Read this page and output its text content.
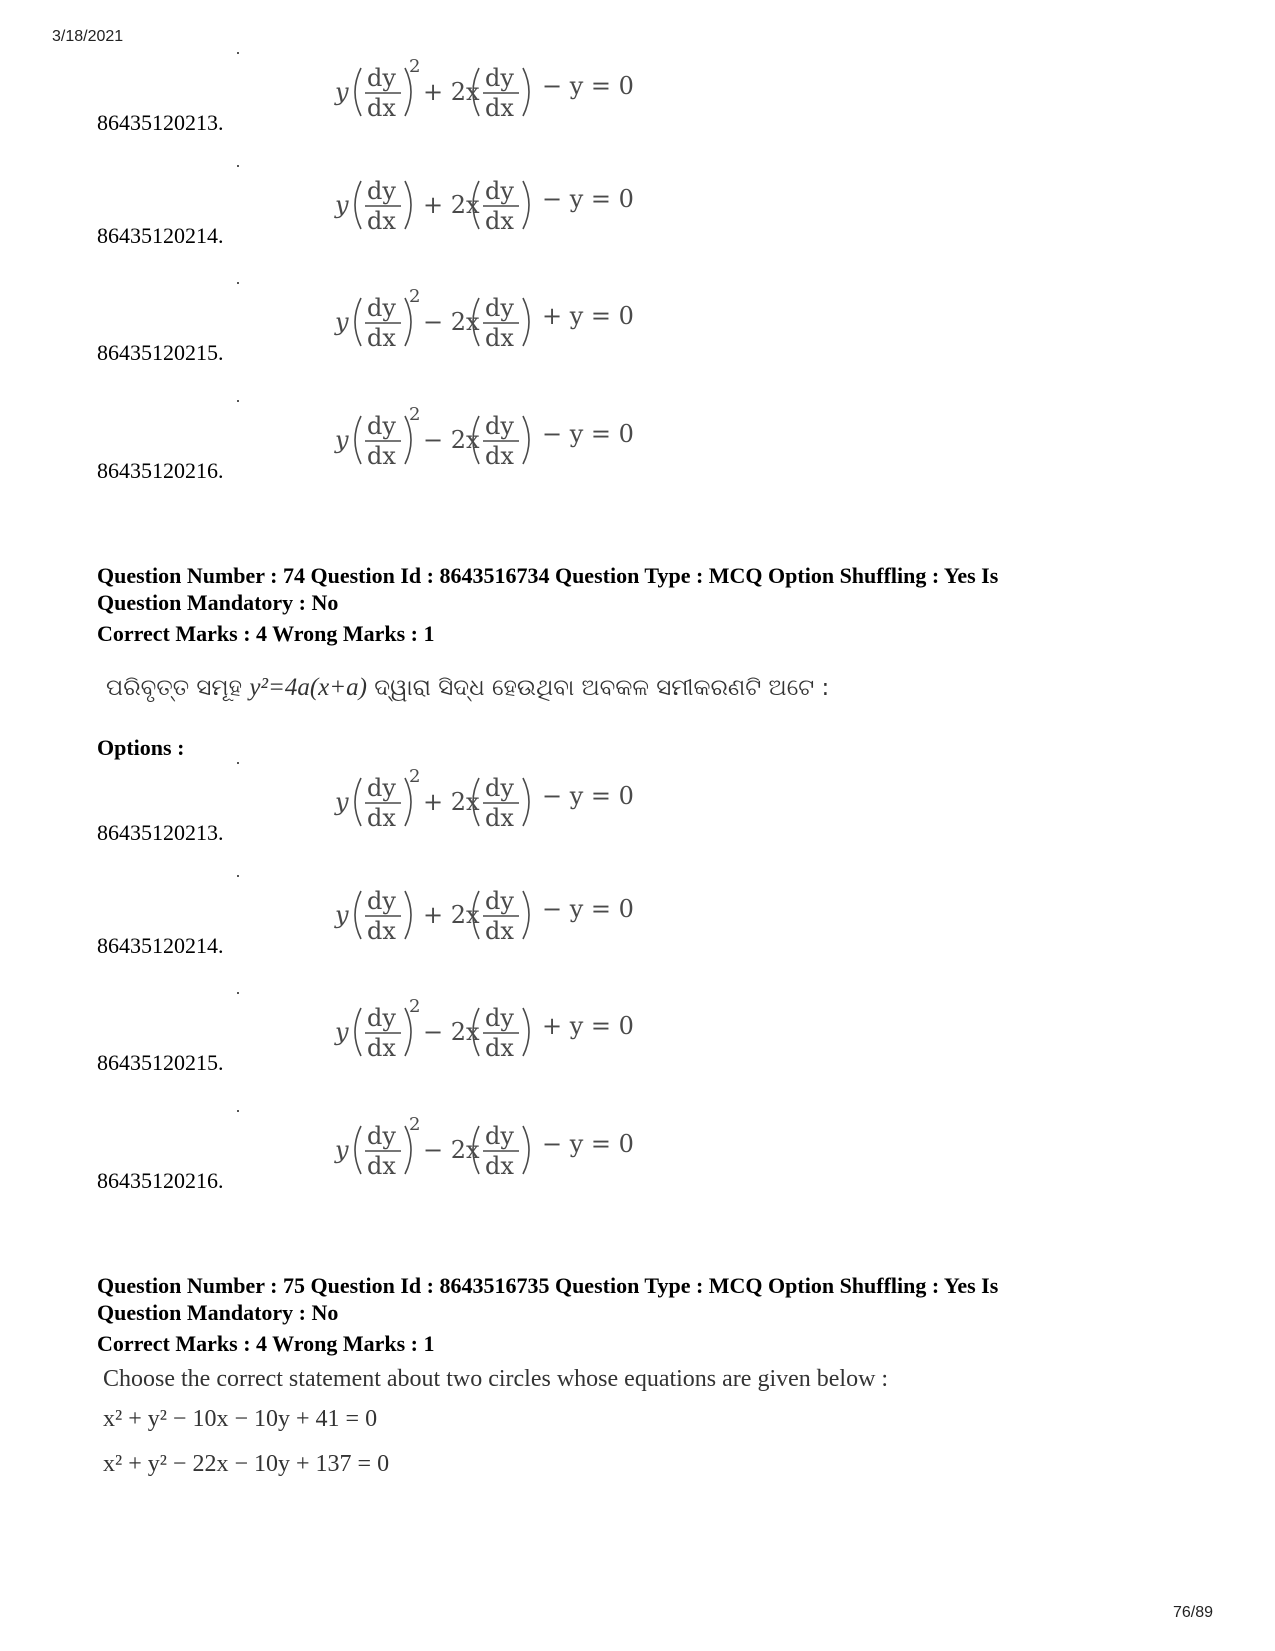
3/18/2021
86435120213.
y dy
dx
2
+ 2x dy
dx
− y = 0
86435120214.
y dy
dx
+ 2x dy
dx
− y = 0
86435120215.
y dy
dx
2
− 2x dy
dx
+ y = 0
86435120216.
y dy
dx
2
− 2x dy
dx
− y = 0
Question Number : 74 Question Id : 8643516734 Question Type : MCQ Option Shuffling : Yes Is
Question Mandatory : No
Correct Marks : 4 Wrong Marks : 1
ପରିବୃତ୍ତ ସମୂହ y²=4a(x+a) ଦ୍ୱାରା ସିଦ୍ଧ ହେଉଥିବା ଅବକଳ ସମୀକରଣଟି ଅଟେ :
Options :
86435120213.
y dy
dx
2
+ 2x dy
dx
− y = 0
86435120214.
y dy
dx
+ 2x dy
dx
− y = 0
86435120215.
y dy
dx
2
− 2x dy
dx
+ y = 0
86435120216.
y dy
dx
2
− 2x dy
dx
− y = 0
Question Number : 75 Question Id : 8643516735 Question Type : MCQ Option Shuffling : Yes Is
Question Mandatory : No
Correct Marks : 4 Wrong Marks : 1
Choose the correct statement about two circles whose equations are given below :
x² + y² − 10x − 10y + 41 = 0
x² + y² − 22x − 10y + 137 = 0
76/89
